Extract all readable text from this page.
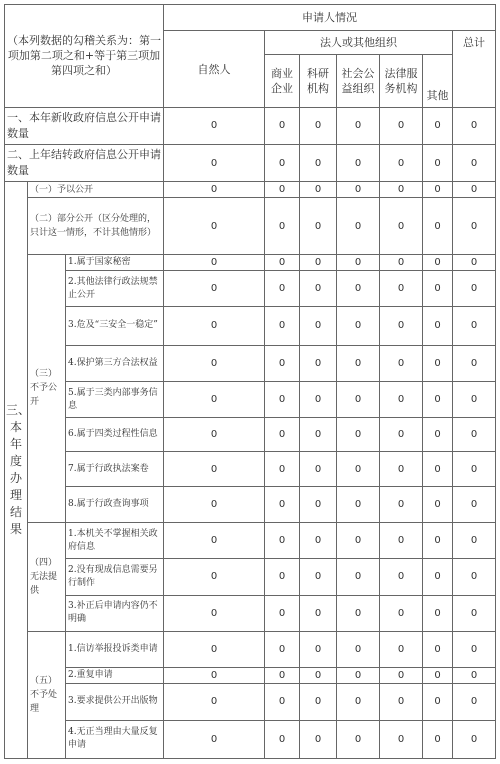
（本列数据的勾稽关系为：第一项加第二项之和+等于第三项加第四项之和）			申请人情况						
			自然人	法人或其他组织					总计
				商业企业	科研机构	社会公益组织	法律服务机构	其他	

一、本年新收政府信息公开申请数量			0	0	0	0	0	0	0
二、上年结转政府信息公开申请数量			0	0	0	0	0	0	0
三、本年度办理结果	（一）予以公开		0	0	0	0	0	0	0
	（二）部分公开（区分处理的，只计这一情形，不计其他情形）		0	0	0	0	0	0	0
	（三）不予公开	1.属于国家秘密	0	0	0	0	0	0	0
		2.其他法律行政法规禁止公开	0	0	0	0	0	0	0
		3.危及“三安全一稳定”	0	0	0	0	0	0	0
		4.保护第三方合法权益	0	0	0	0	0	0	0
		5.属于三类内部事务信息	0	0	0	0	0	0	0
		6.属于四类过程性信息	0	0	0	0	0	0	0
		7.属于行政执法案卷	0	0	0	0	0	0	0
		8.属于行政查询事项	0	0	0	0	0	0	0
	（四）无法提供	1.本机关不掌握相关政府信息	0	0	0	0	0	0	0
		2.没有现成信息需要另行制作	0	0	0	0	0	0	0
		3.补正后申请内容仍不明确	0	0	0	0	0	0	0
	（五）不予处理	1.信访举报投诉类申请	0	0	0	0	0	0	0
		2.重复申请	0	0	0	0	0	0	0
		3.要求提供公开出版物	0	0	0	0	0	0	0
		4.无正当理由大量反复申请	0	0	0	0	0	0	0
